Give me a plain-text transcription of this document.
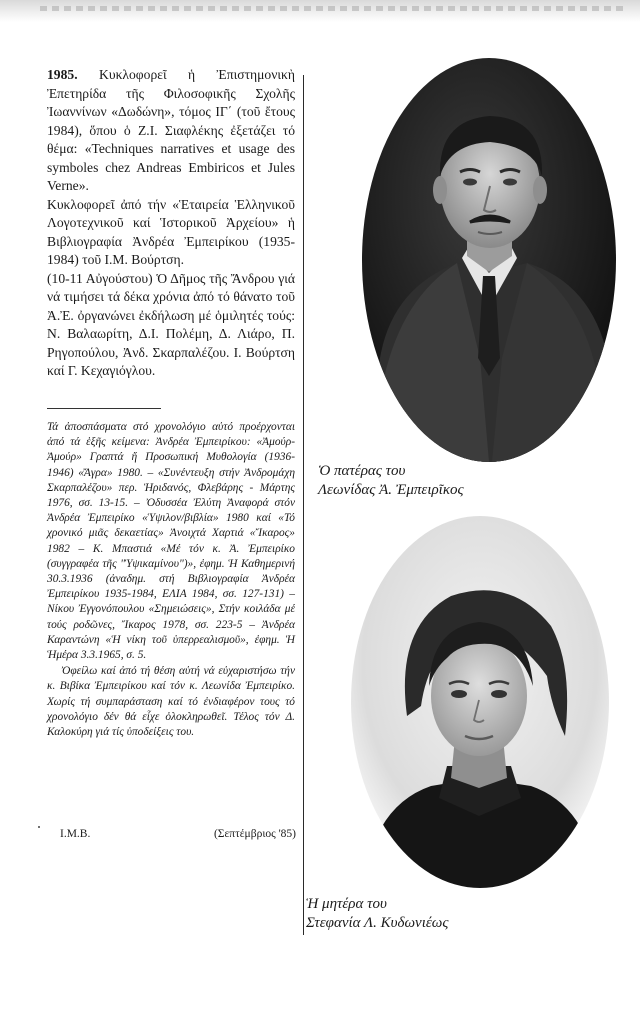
1985. Κυκλοφορεῖ ἡ Ἐπιστημονικὴ Ἐπετηρίδα τῆς Φιλοσοφικῆς Σχολῆς Ἰωαννίνων «Δωδώνη», τόμος ΙΓ΄ (τοῦ ἔτους 1984), ὅπου ὁ Ζ.Ι. Σιαφλέκης ἐξετάζει τό θέμα: «Techniques narratives et usage des symboles chez Andreas Embiricos et Jules Verne».

Κυκλοφορεῖ ἀπό τήν «Ἑταιρεία Ἑλληνικοῦ Λογοτεχνικοῦ καί Ἱστορικοῦ Ἀρχείου» ἡ Βιβλιογραφία Ἀνδρέα Ἐμπειρίκου (1935-1984) τοῦ Ι.Μ. Βούρτση.

(10-11 Αὐγούστου) Ὁ Δῆμος τῆς Ἄνδρου γιά νά τιμήσει τά δέκα χρόνια ἀπό τό θάνατο τοῦ Ἀ.Ἐ. ὀργανώνει ἐκδήλωση μέ ὁμιλητές τούς: Ν. Βαλαωρίτη, Δ.Ι. Πολέμη, Δ. Λιάρο, Π. Ρηγοπούλου, Ἀνδ. Σκαρπαλέζου. Ι. Βούρτση καί Γ. Κεχαγιόγλου.

Τά ἀποσπάσματα στό χρονολόγιο αὐτό προέρχονται ἀπό τά ἑξῆς κείμενα: Ἀνδρέα Ἐμπειρίκου: «Ἀμούρ-Ἀμούρ» Γραπτά ἤ Προσωπική Μυθολογία (1936-1946) «Ἄγρα» 1980. – «Συνέντευξη στήν Ἀνδρομάχη Σκαρπαλέζου» περ. Ἡριδανός, Φλεβάρης - Μάρτης 1976, σσ. 13-15. – Ὀδυσσέα Ἐλύτη Ἀναφορά στόν Ἀνδρέα Ἐμπειρίκο «Ὑψιλον/βιβλία» 1980 καί «Τό χρονικό μιᾶς δεκαετίας» Ἀνοιχτά Χαρτιά «Ἴκαρος» 1982 – Κ. Μπαστιά «Μέ τόν κ. Ἀ. Ἐμπειρίκο (συγγραφέα τῆς "Ὑψικαμίνου")», ἐφημ. Ἡ Καθημερινή 30.3.1936 (ἀναδημ. στή Βιβλιογραφία Ἀνδρέα Ἐμπειρίκου 1935-1984, ΕΛΙΑ 1984, σσ. 127-131) – Νίκου Ἐγγονόπουλου «Σημειώσεις», Στήν κοιλάδα μέ τούς ροδῶνες, Ἴκαρος 1978, σσ. 223-5 – Ἀνδρέα Καραντώνη «Ἡ νίκη τοῦ ὑπερρεαλισμοῦ», ἐφημ. Ἡ Ἡμέρα 3.3.1965, σ. 5.

Ὀφείλω καί ἀπό τή θέση αὐτή νά εὐχαριστήσω τήν κ. Βιβίκα Ἐμπειρίκου καί τόν κ. Λεωνίδα Ἐμπειρίκο. Χωρίς τή συμπαράσταση καί τό ἐνδιαφέρον τους τό χρονολόγιο δέν θά εἶχε ὁλοκληρωθεῖ. Τέλος τόν Δ. Καλοκύρη γιά τίς ὑποδείξεις του.

Ι.Μ.Β.	(Σεπτέμβριος '85)
Ὁ πατέρας του
Λεωνίδας Ἀ. Ἐμπειρῖκος
Ἡ μητέρα του
Στεφανία Λ. Κυδωνιέως
